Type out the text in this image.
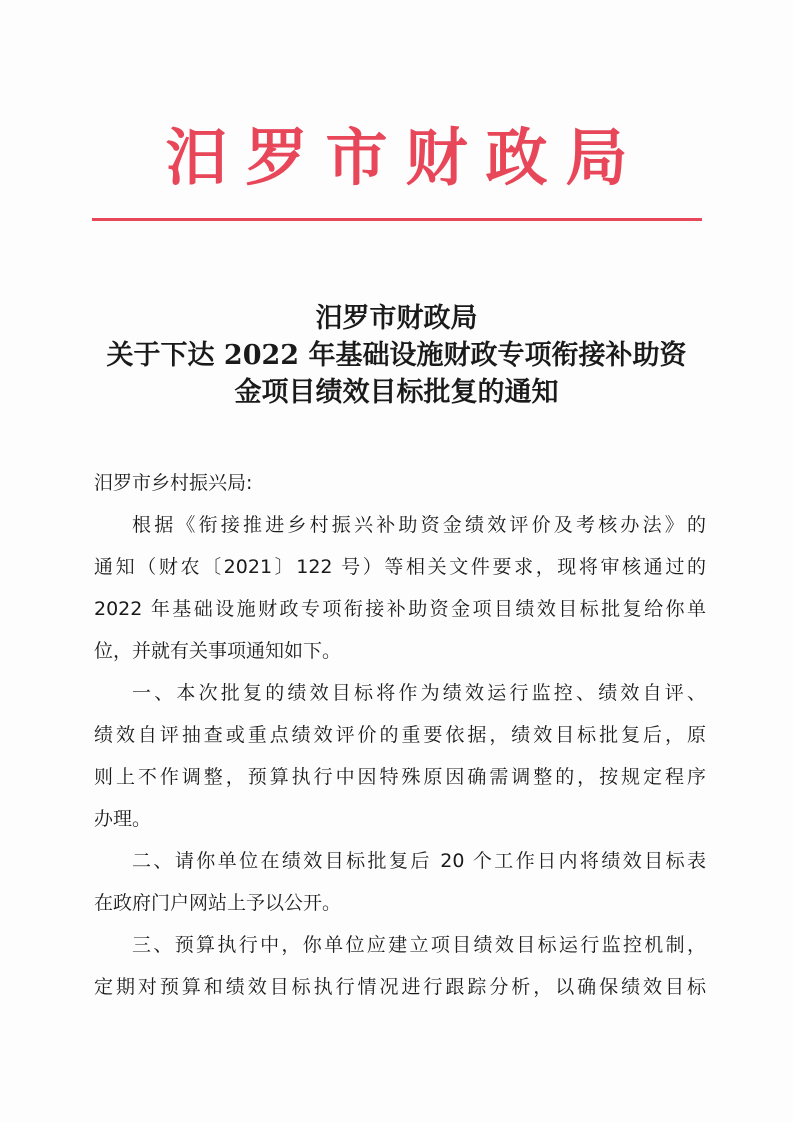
汨罗市财政局
汨罗市财政局
关于下达 2022 年基础设施财政专项衔接补助资
金项目绩效目标批复的通知
汨罗市乡村振兴局:
根据《衔接推进乡村振兴补助资金绩效评价及考核办法》的
通知（财农〔2021〕122 号）等相关文件要求，现将审核通过的
2022 年基础设施财政专项衔接补助资金项目绩效目标批复给你单
位，并就有关事项通知如下。
一、本次批复的绩效目标将作为绩效运行监控、绩效自评、
绩效自评抽查或重点绩效评价的重要依据，绩效目标批复后，原
则上不作调整，预算执行中因特殊原因确需调整的，按规定程序
办理。
二、请你单位在绩效目标批复后 20 个工作日内将绩效目标表
在政府门户网站上予以公开。
三、预算执行中，你单位应建立项目绩效目标运行监控机制，
定期对预算和绩效目标执行情况进行跟踪分析，以确保绩效目标
